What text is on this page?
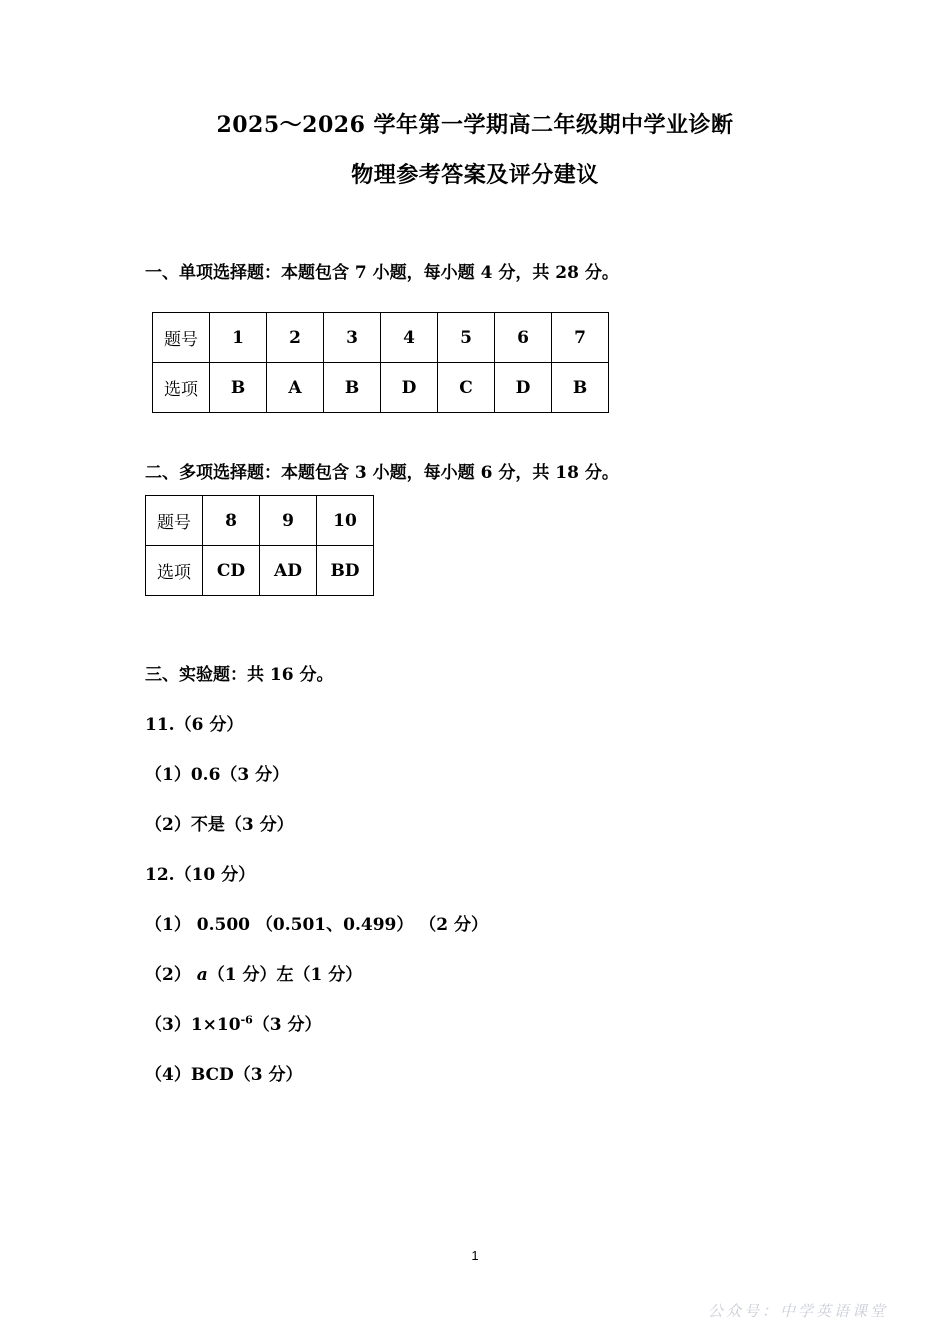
2025～2026 学年第一学期高二年级期中学业诊断
物理参考答案及评分建议
一、单项选择题：本题包含 7 小题，每小题 4 分，共 28 分。
题号	1	2	3	4	5	6	7
选项	B	A	B	D	C	D	B
二、多项选择题：本题包含 3 小题，每小题 6 分，共 18 分。
题号	8	9	10
选项	CD	AD	BD
三、实验题：共 16 分。
11.（6 分）
（1）0.6（3 分）
（2）不是（3 分）
12.（10 分）
（1） 0.500 （0.501、0.499） （2 分）
（2） a（1 分）左（1 分）
$(3)1\times 10^{-6}(3$ 分）
（4）BCD（3 分）
1
公众号：中学英语课堂
